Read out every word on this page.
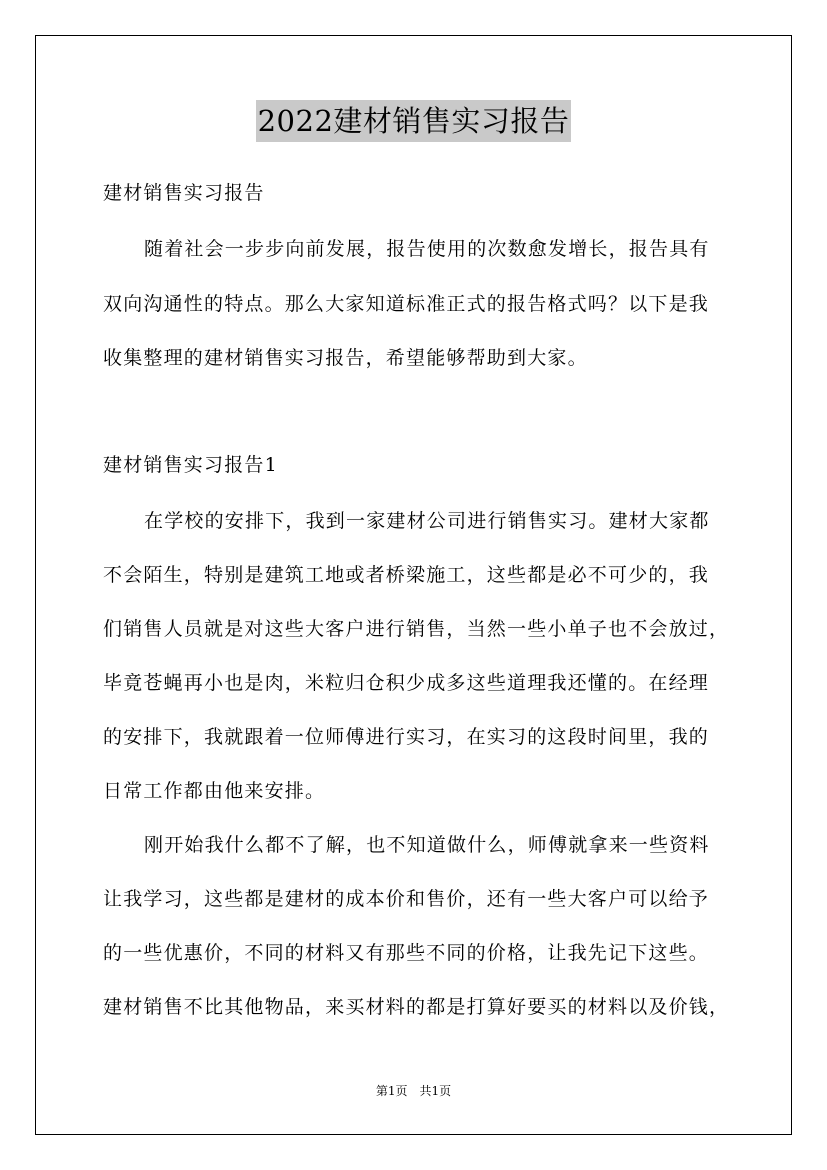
2022建材销售实习报告
建材销售实习报告
随着社会一步步向前发展，报告使用的次数愈发增长，报告具有
双向沟通性的特点。那么大家知道标准正式的报告格式吗？以下是我
收集整理的建材销售实习报告，希望能够帮助到大家。
建材销售实习报告1
在学校的安排下，我到一家建材公司进行销售实习。建材大家都
不会陌生，特别是建筑工地或者桥梁施工，这些都是必不可少的，我
们销售人员就是对这些大客户进行销售，当然一些小单子也不会放过，
毕竟苍蝇再小也是肉，米粒归仓积少成多这些道理我还懂的。在经理
的安排下，我就跟着一位师傅进行实习，在实习的这段时间里，我的
日常工作都由他来安排。
刚开始我什么都不了解，也不知道做什么，师傅就拿来一些资料
让我学习，这些都是建材的成本价和售价，还有一些大客户可以给予
的一些优惠价，不同的材料又有那些不同的价格，让我先记下这些。
建材销售不比其他物品，来买材料的都是打算好要买的材料以及价钱，
第1页　共1页
